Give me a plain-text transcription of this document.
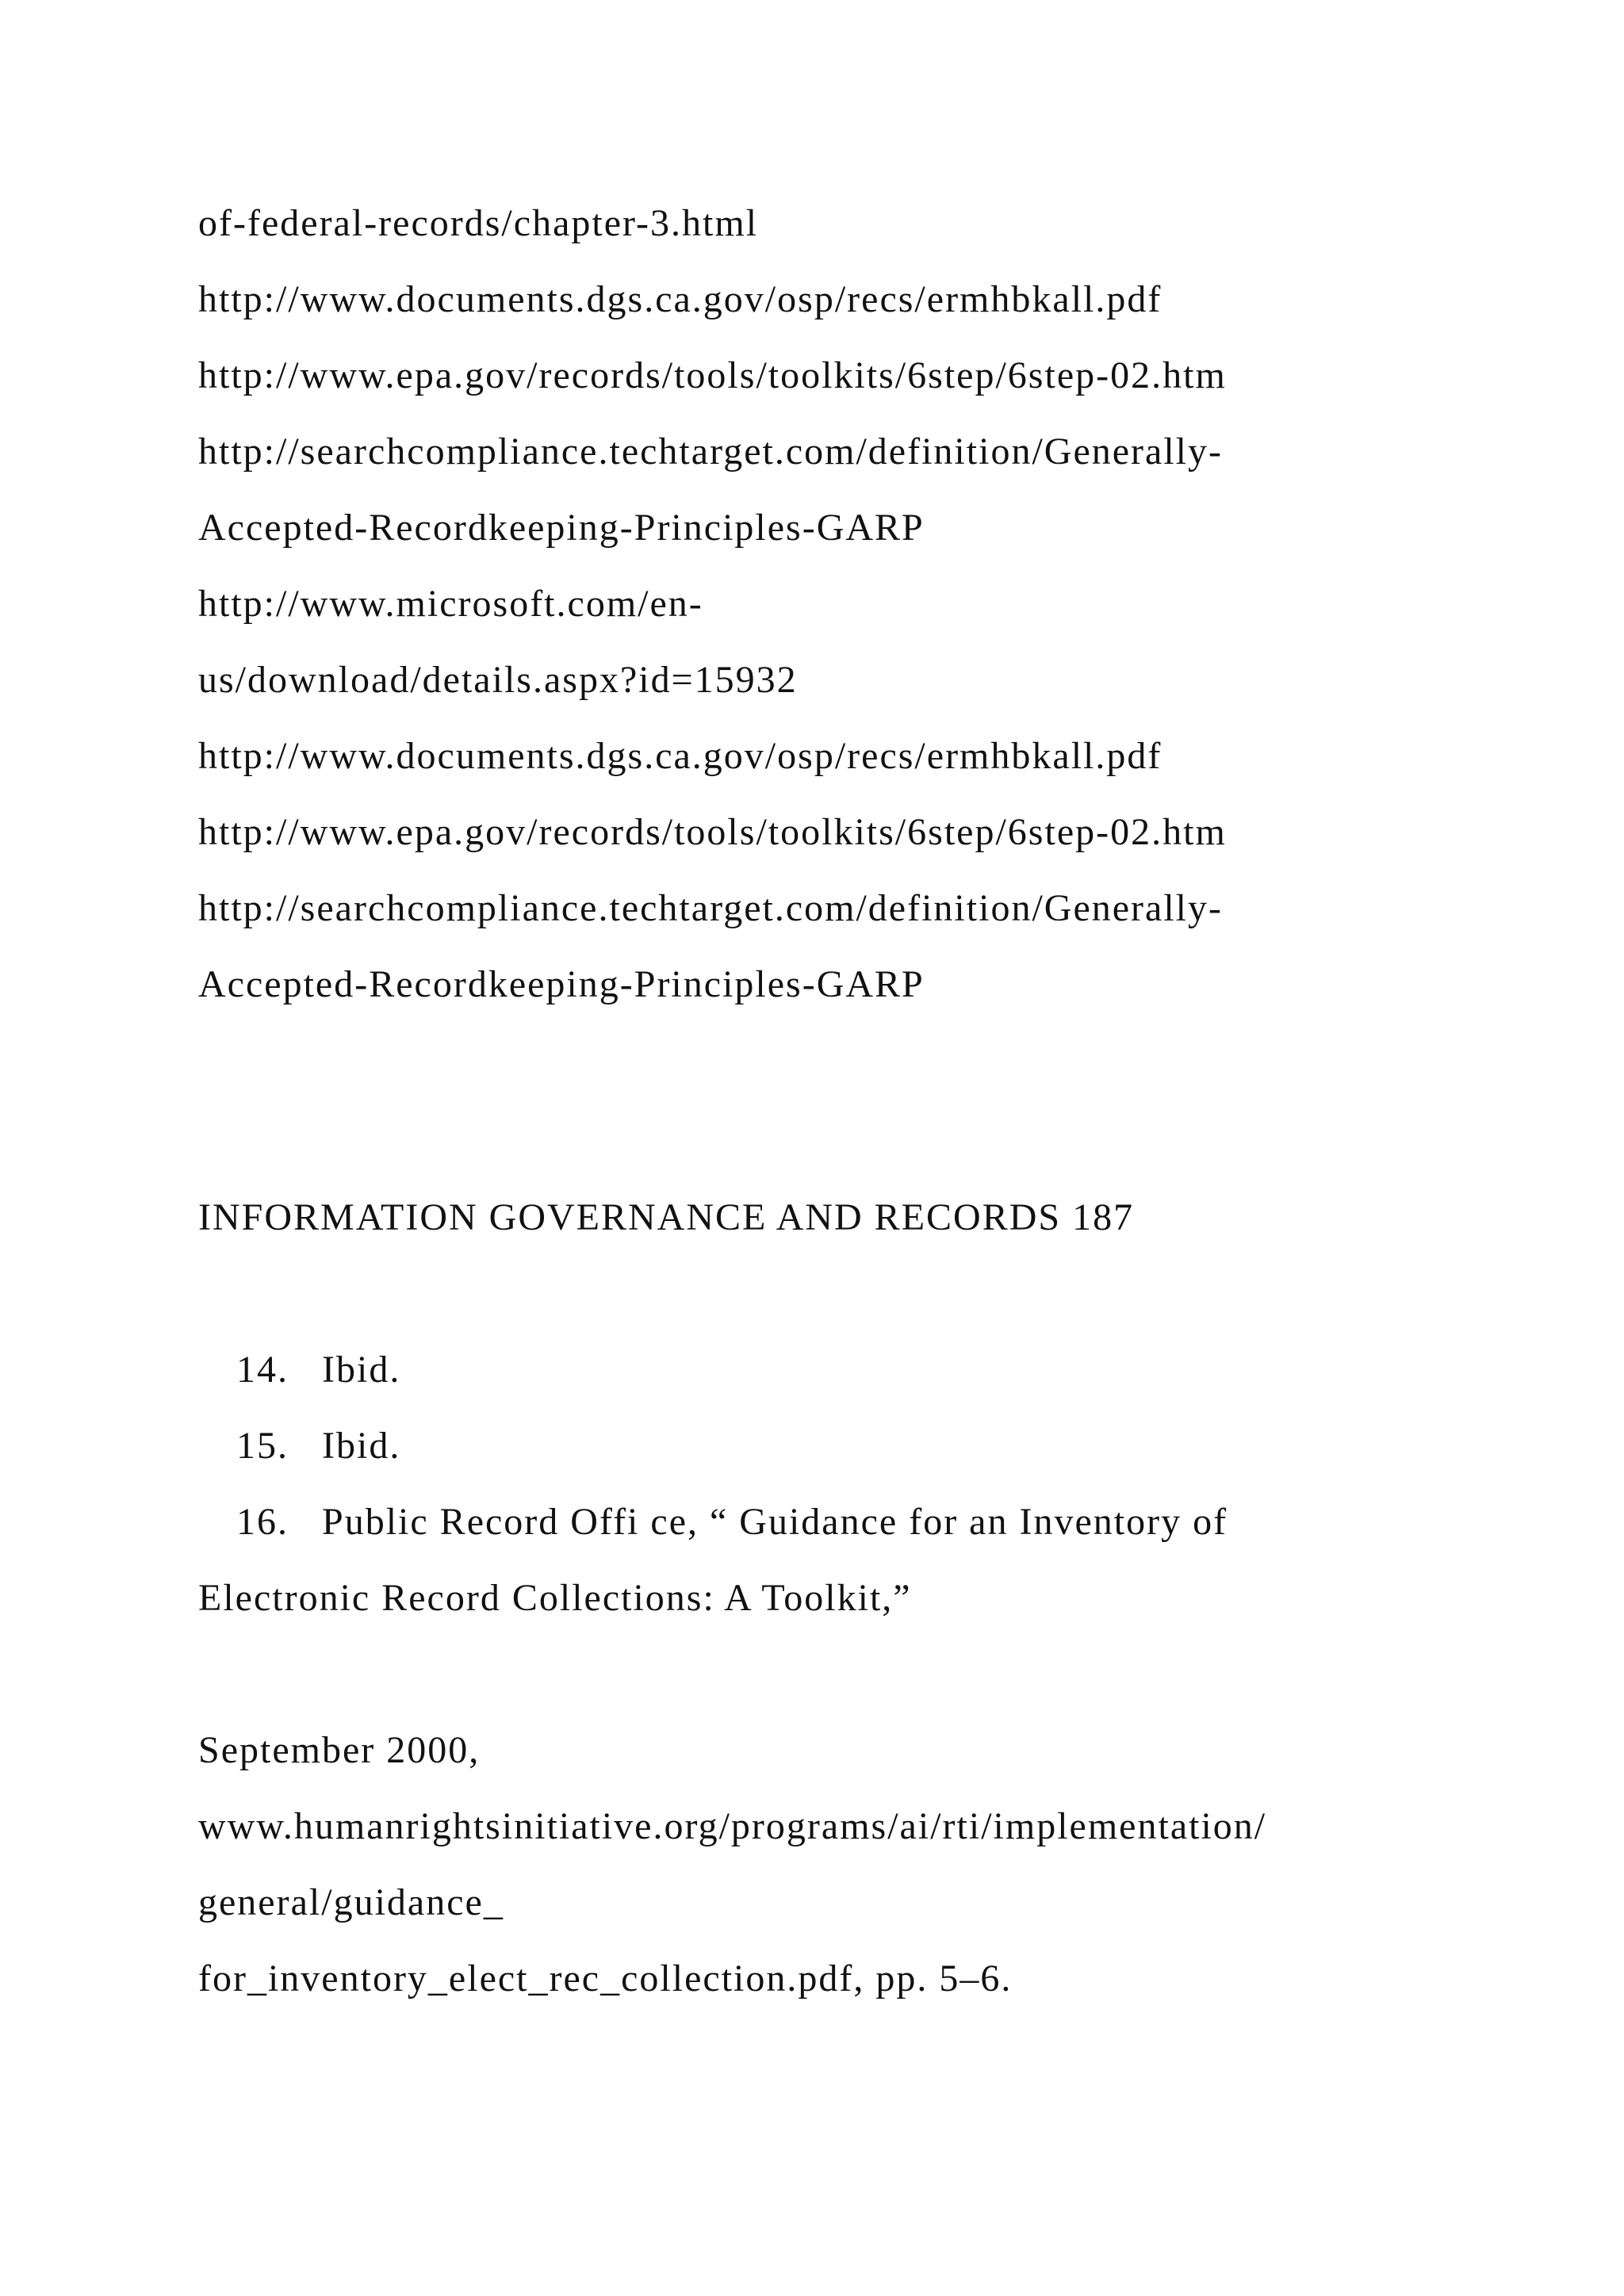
of-federal-records/chapter-3.html
http://www.documents.dgs.ca.gov/osp/recs/ermhbkall.pdf
http://www.epa.gov/records/tools/toolkits/6step/6step-02.htm
http://searchcompliance.techtarget.com/definition/Generally-
Accepted-Recordkeeping-Principles-GARP
http://www.microsoft.com/en-
us/download/details.aspx?id=15932
http://www.documents.dgs.ca.gov/osp/recs/ermhbkall.pdf
http://www.epa.gov/records/tools/toolkits/6step/6step-02.htm
http://searchcompliance.techtarget.com/definition/Generally-
Accepted-Recordkeeping-Principles-GARP
INFORMATION GOVERNANCE AND RECORDS 187
14. Ibid.
15. Ibid.
16. Public Record Offi ce, “ Guidance for an Inventory of
Electronic Record Collections: A Toolkit,”
September 2000,
www.humanrightsinitiative.org/programs/ai/rti/implementation/
general/guidance_
for_inventory_elect_rec_collection.pdf, pp. 5–6.
